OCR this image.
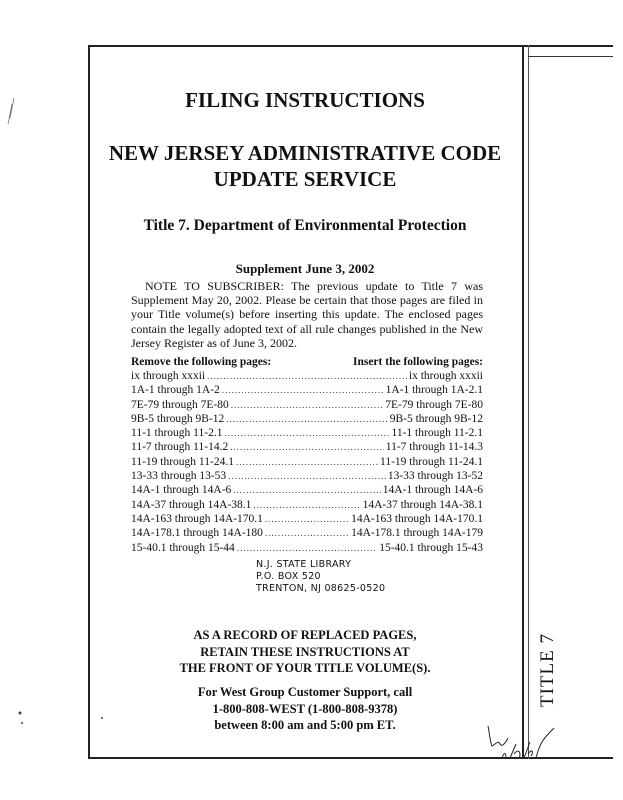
TITLE 7
FILING INSTRUCTIONS
NEW JERSEY ADMINISTRATIVE CODE
UPDATE SERVICE
Title 7. Department of Environmental Protection
Supplement June 3, 2002
NOTE TO SUBSCRIBER: The previous update to Title 7 was Supplement May 20, 2002. Please be certain that those pages are filed in your Title volume(s) before inserting this update. The enclosed pages contain the legally adopted text of all rule changes published in the New Jersey Register as of June 3, 2002.
Remove the following pages:	Insert the following pages:
ix through xxxii .....	ix through xxxii
1A-1 through 1A-2 .....	1A-1 through 1A-2.1
7E-79 through 7E-80 .....	7E-79 through 7E-80
9B-5 through 9B-12 .....	9B-5 through 9B-12
11-1 through 11-2.1 .....	11-1 through 11-2.1
11-7 through 11-14.2 .....	11-7 through 11-14.3
11-19 through 11-24.1 .....	11-19 through 11-24.1
13-33 through 13-53 .....	13-33 through 13-52
14A-1 through 14A-6 .....	14A-1 through 14A-6
14A-37 through 14A-38.1 .....	14A-37 through 14A-38.1
14A-163 through 14A-170.1 .....	14A-163 through 14A-170.1
14A-178.1 through 14A-180 .....	14A-178.1 through 14A-179
15-40.1 through 15-44 .....	15-40.1 through 15-43
N.J. STATE LIBRARY
P.O. BOX 520
TRENTON, NJ 08625-0520
AS A RECORD OF REPLACED PAGES,
RETAIN THESE INSTRUCTIONS AT
THE FRONT OF YOUR TITLE VOLUME(S).
For West Group Customer Support, call
1-800-808-WEST (1-800-808-9378)
between 8:00 am and 5:00 pm ET.
